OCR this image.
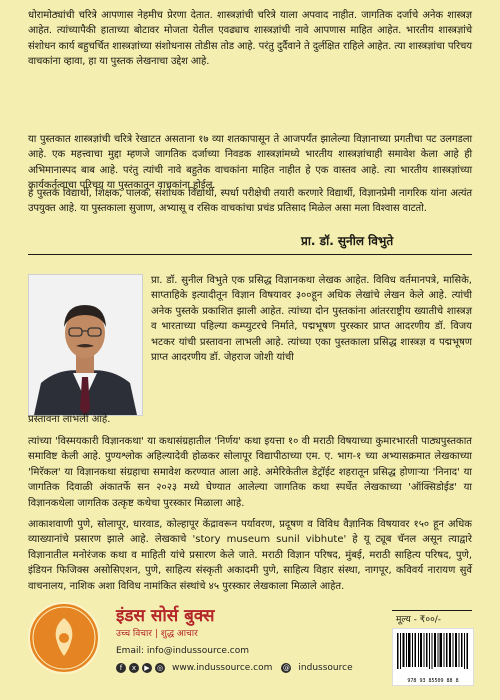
धोरामोठ्यांची चरित्रे आपणास नेहमीच प्रेरणा देतात. शास्त्रज्ञांची चरित्रे याला अपवाद नाहीत. जागतिक दर्जाचे अनेक शास्त्रज्ञ आहेत. त्यांच्यापैकी हाताच्या बोटावर मोजता येतील एवढ्याच शास्त्रज्ञांची नावे आपणास माहित आहेत. भारतीय शास्त्रज्ञांचे संशोधन कार्य बहुचर्चित शास्त्रज्ञांच्या संशोधनास तोडीस तोड आहे. परंतु दुर्दैवाने ते दुर्लक्षित राहिले आहेत. त्या शास्त्रज्ञांचा परिचय वाचकांना व्हावा, हा या पुस्तक लेखनाचा उद्देश आहे.

या पुस्तकात शास्त्रज्ञांची चरित्रे रेखाटत असताना १७ व्या शतकापासून ते आजपर्यंत झालेल्या विज्ञानाच्या प्रगतीचा पट उलगडला आहे. एक महत्त्वाचा मुद्दा म्हणजे जागतिक दर्जाच्या निवडक शास्त्रज्ञांमध्ये भारतीय शास्त्रज्ञांचाही समावेश केला आहे ही अभिमानास्पद बाब आहे. परंतु त्यांची नावे बहुतेक वाचकांना माहित नाहीत हे एक वास्तव आहे. त्या भारतीय शास्त्रज्ञांच्या कार्यकर्तृत्वाचा परिचय या पुस्तकातून वाचकांना होईल.

हे पुस्तक विद्यार्थी, शिक्षक, पालक, संशोधक विद्यार्थी, स्पर्धा परीक्षेची तयारी करणारे विद्यार्थी, विज्ञानप्रेमी नागरिक यांना अत्यंत उपयुक्त आहे. या पुस्तकाला सुजाण, अभ्यासू व रसिक वाचकांचा प्रचंड प्रतिसाद मिळेल असा मला विश्वास वाटतो.

प्रा. डॉ. सुनील विभुते

प्रा. डॉ. सुनील विभुते एक प्रसिद्ध विज्ञानकथा लेखक आहेत. विविध वर्तमानपत्रे, मासिके, साप्ताहिके इत्यादीतून विज्ञान विषयावर ३००हून अधिक लेखांचे लेखन केले आहे. त्यांची अनेक पुस्तके प्रकाशित झाली आहेत. त्यांच्या दोन पुस्तकांना आंतरराष्ट्रीय ख्यातीचे शास्त्रज्ञ व भारताच्या पहिल्या कम्प्युटरचे निर्माते, पद्मभूषण पुरस्कार प्राप्त आदरणीय डॉ. विजय भटकर यांची प्रस्तावना लाभली आहे. त्यांच्या एका पुस्तकाला प्रसिद्ध शास्त्रज्ञ व पद्मभूषण प्राप्त आदरणीय डॉ. जेहराज जोशी यांची

प्रस्तावना लाभली आहे.

त्यांच्या 'विस्मयकारी विज्ञानकथा' या कथासंग्रहातील 'निर्णय' कथा इयत्ता १० वी मराठी विषयाच्या कुमारभारती पाठ्यपुस्तकात समाविष्ट केली आहे. पुण्यश्लोक अहिल्यादेवी होळकर सोलापूर विद्यापीठाच्या एम. ए. भाग-१ च्या अभ्यासक्रमात लेखकाच्या 'मिरॅकल' या विज्ञानकथा संग्रहाचा समावेश करण्यात आला आहे. अमेरिकेतील डेट्रॉईट शहरातून प्रसिद्ध होणाऱ्या 'निनाद' या जागतिक दिवाळी अंकातर्फे सन २०२३ मध्ये घेण्यात आलेल्या जागतिक कथा स्पर्धेत लेखकाच्या 'ऑक्सिडोईड' या विज्ञानकथेला जागतिक उत्कृष्ट कथेचा पुरस्कार मिळाला आहे.

आकाशवाणी पुणे, सोलापूर, धारवाड, कोल्हापूर केंद्रावरून पर्यावरण, प्रदूषण व विविध वैज्ञानिक विषयावर १५० हून अधिक व्याख्यानांचे प्रसारण झाले आहे. लेखकाचे 'story museum sunil vibhute' हे यू ट्यूब चॅनल असून त्याद्वारे विज्ञानातील मनोरंजक कथा व माहिती यांचे प्रसारण केले जाते. मराठी विज्ञान परिषद, मुंबई, मराठी साहित्य परिषद, पुणे, इंडियन फिजिक्स असोसिएशन, पुणे, साहित्य संस्कृती अकादमी पुणे, साहित्य विहार संस्था, नागपूर, कविवर्य नारायण सुर्वे वाचनालय, नाशिक अशा विविध नामांकित संस्थांचे ४५ पुरस्कार लेखकाला मिळाले आहेत.

इंडस सोर्स बुक्स

उच्च विचार | शुद्ध आचार

Email: info@indussource.com

f	x	▶	◎ www.indussource.com @ indussource

मूल्य - ₹००/-

978 93 85509 88 8
